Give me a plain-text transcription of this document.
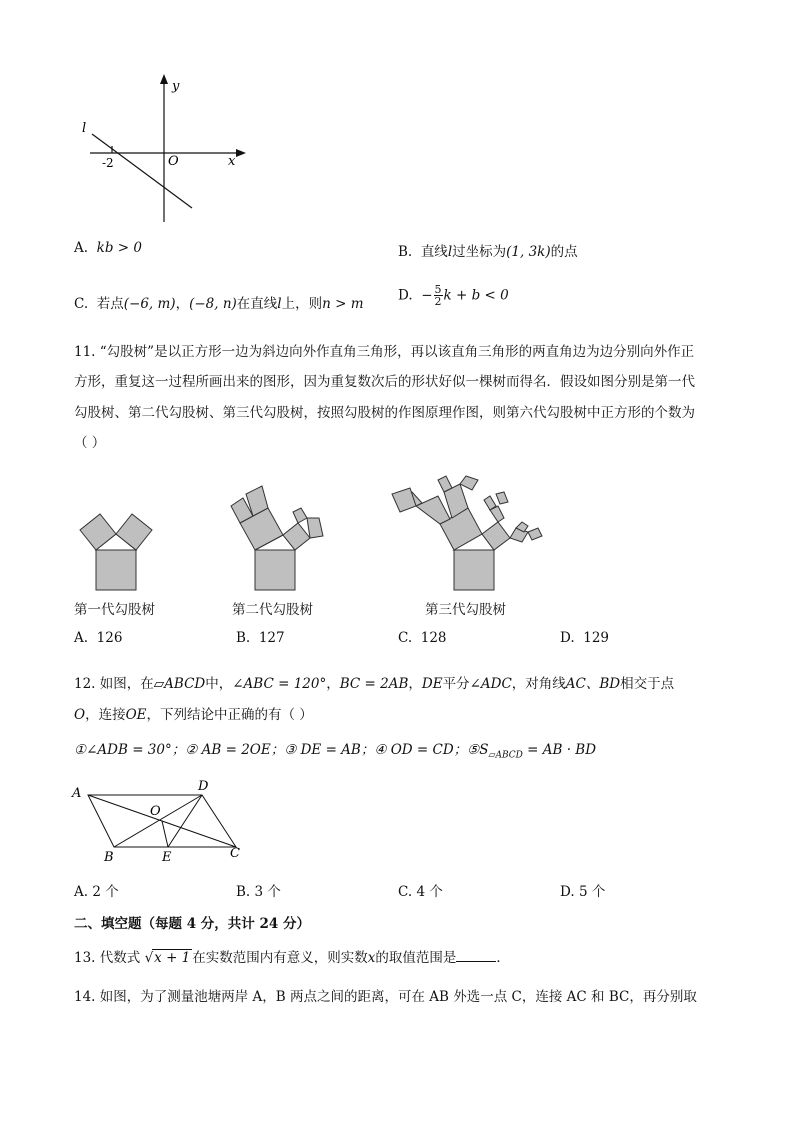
y
x
O
l
-2
A. kb > 0	B. 直线l过坐标为(1, 3k)的点
C. 若点(−6, m)，(−8, n)在直线l上，则n > m
D. − $\frac{5}{2}$ k + b < 0
11. “勾股树”是以正方形一边为斜边向外作直角三角形，再以该直角三角形的两直角边为边分别向外作正
方形，重复这一过程所画出来的图形，因为重复数次后的形状好似一棵树而得名．假设如图分别是第一代
勾股树、第二代勾股树、第三代勾股树，按照勾股树的作图原理作图，则第六代勾股树中正方形的个数为
（ ）
第一代勾股树	第二代勾股树	第三代勾股树
A. 126	B. 127	C. 128	D. 129
12. 如图，在▱ABCD中，∠ABC = 120°，BC = 2AB，DE平分∠ADC，对角线AC、BD相交于点
O，连接OE，下列结论中正确的有（ ）
①∠ADB = 30°；② AB = 2OE；③ DE = AB；④ OD = CD；$⑤S_{▱ABCD}$ = AB · BD
A	D
O
B	E	C
A. 2 个	B. 3 个	C. 4 个	D. 5 个
二、填空题（每题 4 分，共计 24 分）
13. 代数式 √x + 1 在实数范围内有意义，则实数x的取值范围是	．
14. 如图，为了测量池塘两岸 A，B 两点之间的距离，可在 AB 外选一点 C，连接 AC 和 BC，再分别取
